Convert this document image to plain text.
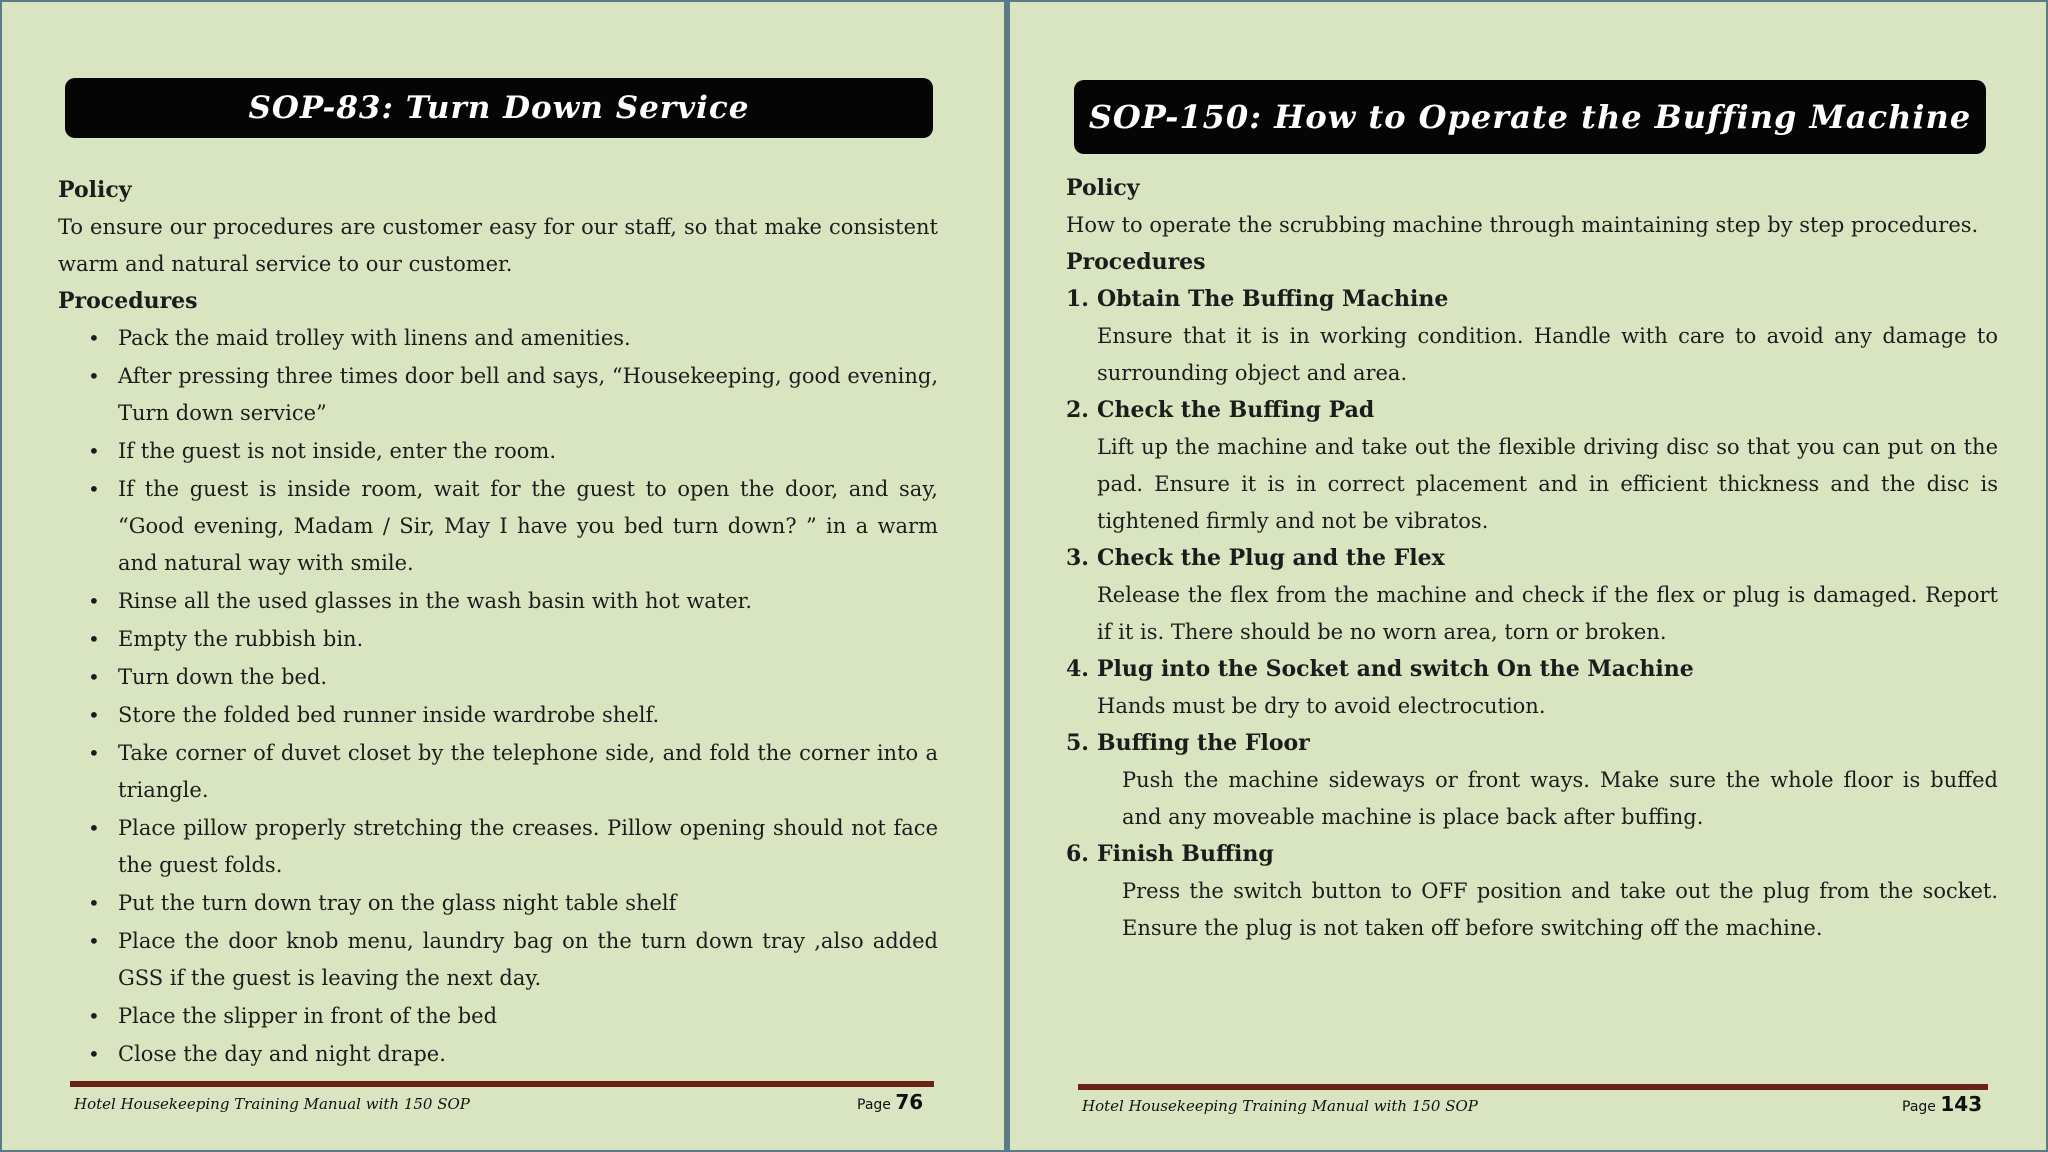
SOP-83: Turn Down Service
Policy
To ensure our procedures are customer easy for our staff, so that make consistent warm and natural service to our customer.
Procedures
• Pack the maid trolley with linens and amenities.
• After pressing three times door bell and says, “Housekeeping, good evening, Turn down service”
• If the guest is not inside, enter the room.
• If the guest is inside room, wait for the guest to open the door, and say, “Good evening, Madam / Sir, May I have you bed turn down? ” in a warm and natural way with smile.
• Rinse all the used glasses in the wash basin with hot water.
• Empty the rubbish bin.
• Turn down the bed.
• Store the folded bed runner inside wardrobe shelf.
• Take corner of duvet closet by the telephone side, and fold the corner into a triangle.
• Place pillow properly stretching the creases. Pillow opening should not face the guest folds.
• Put the turn down tray on the glass night table shelf
• Place the door knob menu, laundry bag on the turn down tray ,also added GSS if the guest is leaving the next day.
• Place the slipper in front of the bed
• Close the day and night drape.
Hotel Housekeeping Training Manual with 150 SOP	Page 76
SOP-150: How to Operate the Buffing Machine
Policy
How to operate the scrubbing machine through maintaining step by step procedures.
Procedures
1. Obtain The Buffing Machine
Ensure that it is in working condition. Handle with care to avoid any damage to surrounding object and area.
2. Check the Buffing Pad
Lift up the machine and take out the flexible driving disc so that you can put on the pad. Ensure it is in correct placement and in efficient thickness and the disc is tightened firmly and not be vibratos.
3. Check the Plug and the Flex
Release the flex from the machine and check if the flex or plug is damaged. Report if it is. There should be no worn area, torn or broken.
4. Plug into the Socket and switch On the Machine
Hands must be dry to avoid electrocution.
5. Buffing the Floor
Push the machine sideways or front ways. Make sure the whole floor is buffed and any moveable machine is place back after buffing.
6. Finish Buffing
Press the switch button to OFF position and take out the plug from the socket. Ensure the plug is not taken off before switching off the machine.
Hotel Housekeeping Training Manual with 150 SOP	Page 143
